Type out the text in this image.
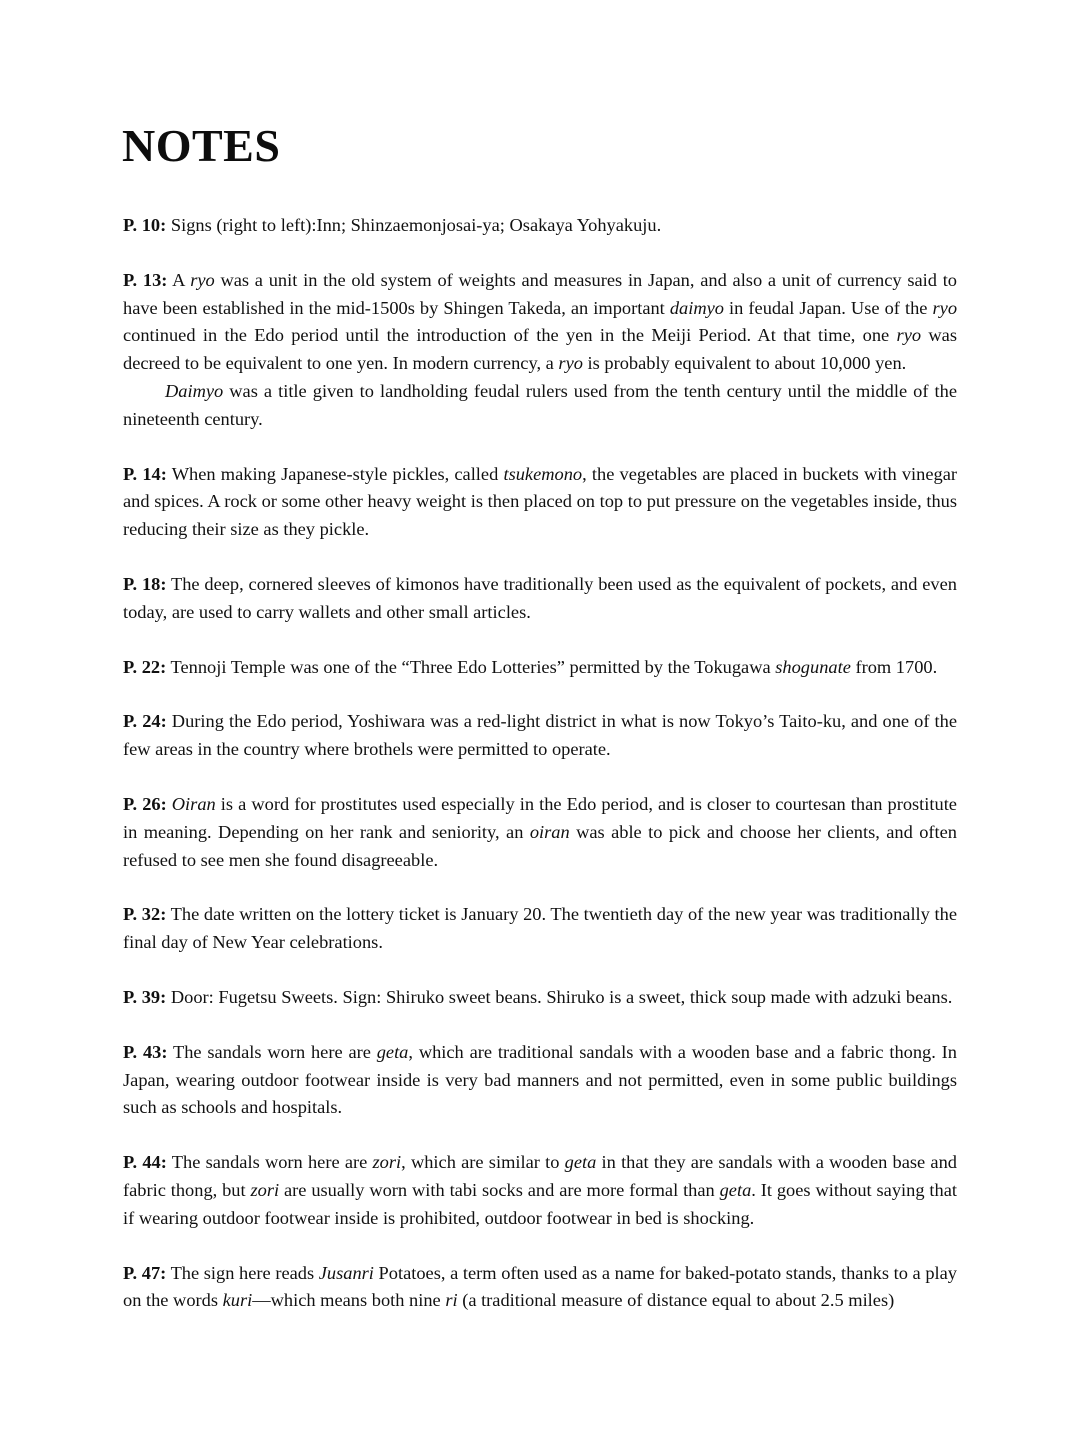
NOTES

P. 10: Signs (right to left):Inn; Shinzaemonjosai-ya; Osakaya Yohyakuju.

P. 13: A ryo was a unit in the old system of weights and measures in Japan, and also a unit of currency said to have been established in the mid-1500s by Shingen Takeda, an important daimyo in feudal Japan. Use of the ryo continued in the Edo period until the introduction of the yen in the Meiji Period. At that time, one ryo was decreed to be equivalent to one yen. In modern currency, a ryo is probably equivalent to about 10,000 yen.

Daimyo was a title given to landholding feudal rulers used from the tenth century until the middle of the nineteenth century.

P. 14: When making Japanese-style pickles, called tsukemono, the vegetables are placed in buckets with vinegar and spices. A rock or some other heavy weight is then placed on top to put pressure on the vegetables inside, thus reducing their size as they pickle.

P. 18: The deep, cornered sleeves of kimonos have traditionally been used as the equivalent of pockets, and even today, are used to carry wallets and other small articles.

P. 22: Tennoji Temple was one of the “Three Edo Lotteries” permitted by the Tokugawa shogunate from 1700.

P. 24: During the Edo period, Yoshiwara was a red-light district in what is now Tokyo’s Taito-ku, and one of the few areas in the country where brothels were permitted to operate.

P. 26: Oiran is a word for prostitutes used especially in the Edo period, and is closer to courtesan than prostitute in meaning. Depending on her rank and seniority, an oiran was able to pick and choose her clients, and often refused to see men she found disagreeable.

P. 32: The date written on the lottery ticket is January 20. The twentieth day of the new year was traditionally the final day of New Year celebrations.

P. 39: Door: Fugetsu Sweets. Sign: Shiruko sweet beans. Shiruko is a sweet, thick soup made with adzuki beans.

P. 43: The sandals worn here are geta, which are traditional sandals with a wooden base and a fabric thong. In Japan, wearing outdoor footwear inside is very bad manners and not permitted, even in some public buildings such as schools and hospitals.

P. 44: The sandals worn here are zori, which are similar to geta in that they are sandals with a wooden base and fabric thong, but zori are usually worn with tabi socks and are more formal than geta. It goes without saying that if wearing outdoor footwear inside is prohibited, outdoor footwear in bed is shocking.

P. 47: The sign here reads Jusanri Potatoes, a term often used as a name for baked-potato stands, thanks to a play on the words kuri—which means both nine ri (a traditional measure of distance equal to about 2.5 miles)
